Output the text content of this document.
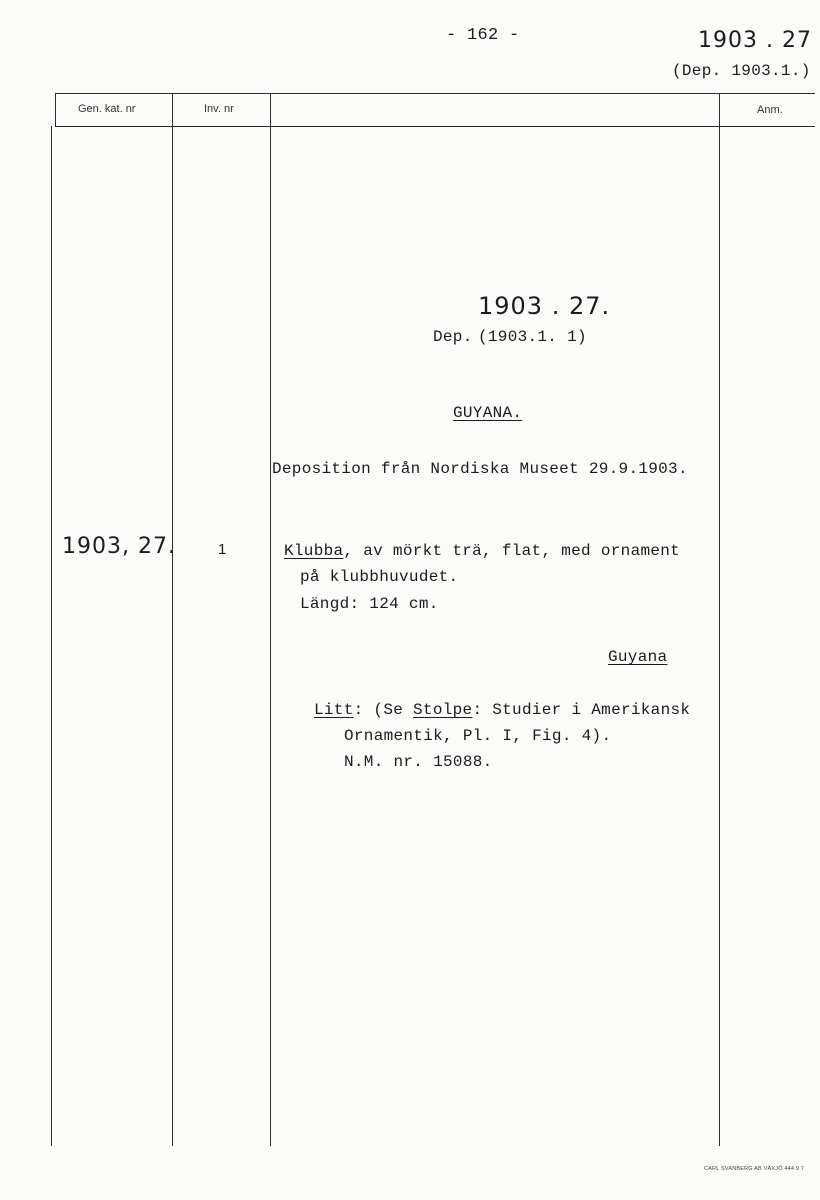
- 162 -	1903 . 27
(Dep. 1903.1.)
Gen. kat. nr	Inv. nr	Anm.
1903 . 27.
Dep. (1903.1. 1)
GUYANA.
Deposition från Nordiska Museet 29.9.1903.
1903, 27.	1	Klubba, av mörkt trä, flat, med ornament
på klubbhuvudet.
Längd: 124 cm.
Guyana
Litt: (Se Stolpe: Studier i Amerikansk
Ornamentik, Pl. I, Fig. 4).
N.M. nr. 15088.
CARL SVANBERG AB VÄXJÖ 444 9 7
